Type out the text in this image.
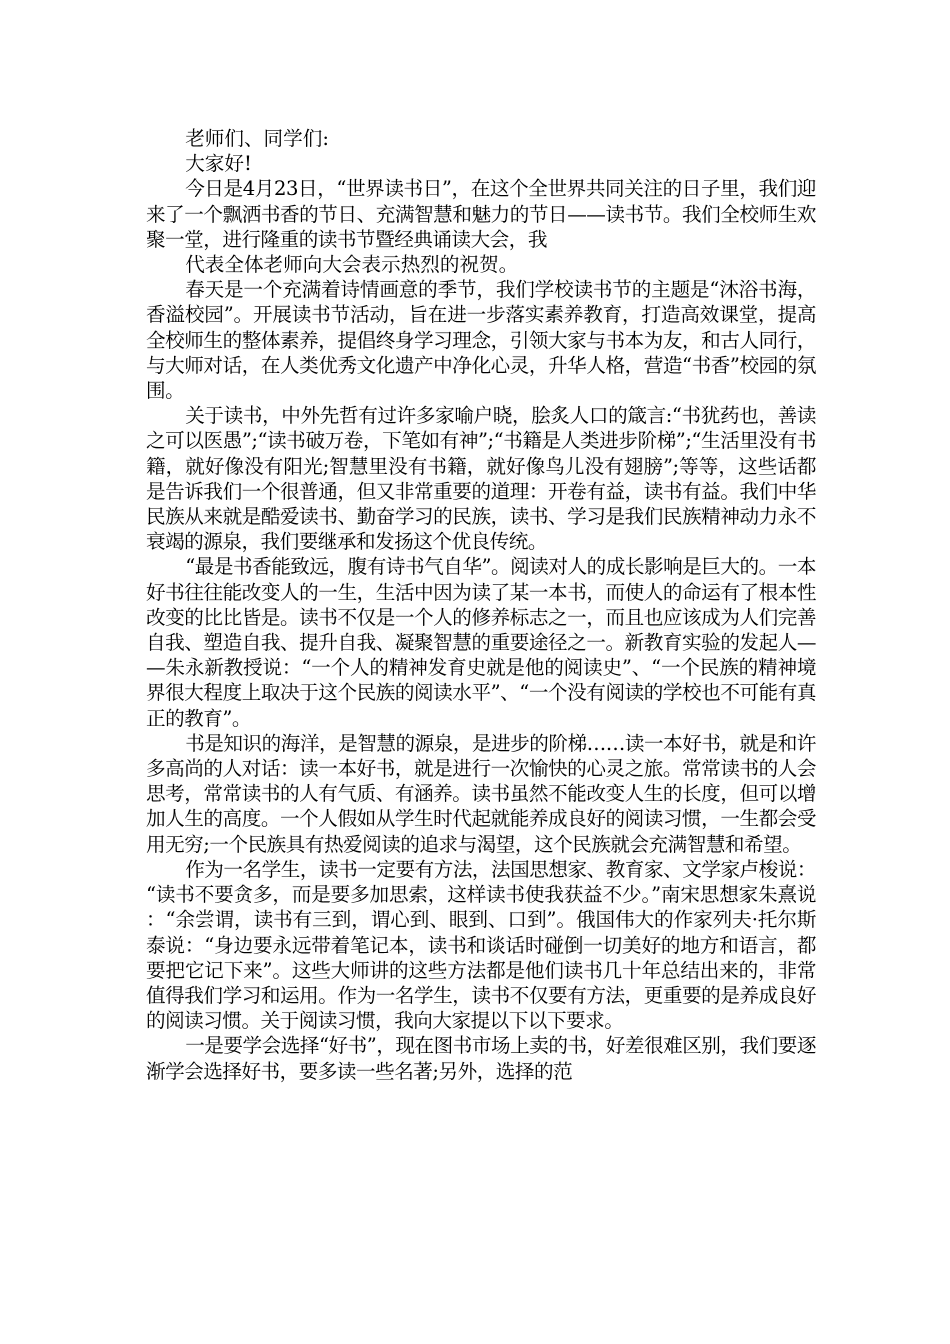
老师们、同学们:

大家好!

今日是4月23日，“世界读书日”，在这个全世界共同关注的日子里，我们迎来了一个飘洒书香的节日、充满智慧和魅力的节日——读书节。我们全校师生欢聚一堂，进行隆重的读书节暨经典诵读大会，我

代表全体老师向大会表示热烈的祝贺。

春天是一个充满着诗情画意的季节，我们学校读书节的主题是“沐浴书海，香溢校园”。开展读书节活动，旨在进一步落实素养教育，打造高效课堂，提高全校师生的整体素养，提倡终身学习理念，引领大家与书本为友，和古人同行，与大师对话，在人类优秀文化遗产中净化心灵，升华人格，营造“书香”校园的氛围。

关于读书，中外先哲有过许多家喻户晓，脍炙人口的箴言:“书犹药也，善读之可以医愚”;“读书破万卷，下笔如有神”;“书籍是人类进步阶梯”;“生活里没有书籍，就好像没有阳光;智慧里没有书籍，就好像鸟儿没有翅膀”;等等，这些话都是告诉我们一个很普通，但又非常重要的道理：开卷有益，读书有益。我们中华民族从来就是酷爱读书、勤奋学习的民族，读书、学习是我们民族精神动力永不衰竭的源泉，我们要继承和发扬这个优良传统。

“最是书香能致远，腹有诗书气自华”。阅读对人的成长影响是巨大的。一本好书往往能改变人的一生，生活中因为读了某一本书，而使人的命运有了根本性改变的比比皆是。读书不仅是一个人的修养标志之一，而且也应该成为人们完善自我、塑造自我、提升自我、凝聚智慧的重要途径之一。新教育实验的发起人——朱永新教授说：“一个人的精神发育史就是他的阅读史”、“一个民族的精神境界很大程度上取决于这个民族的阅读水平”、“一个没有阅读的学校也不可能有真正的教育”。

书是知识的海洋，是智慧的源泉，是进步的阶梯……读一本好书，就是和许多高尚的人对话：读一本好书，就是进行一次愉快的心灵之旅。常常读书的人会思考，常常读书的人有气质、有涵养。读书虽然不能改变人生的长度，但可以增加人生的高度。一个人假如从学生时代起就能养成良好的阅读习惯，一生都会受用无穷;一个民族具有热爱阅读的追求与渴望，这个民族就会充满智慧和希望。

作为一名学生，读书一定要有方法，法国思想家、教育家、文学家卢梭说：“读书不要贪多，而是要多加思索，这样读书使我获益不少。”南宋思想家朱熹说：“余尝谓，读书有三到，谓心到、眼到、口到”。俄国伟大的作家列夫·托尔斯泰说：“身边要永远带着笔记本，读书和谈话时碰倒一切美好的地方和语言，都要把它记下来”。这些大师讲的这些方法都是他们读书几十年总结出来的，非常值得我们学习和运用。作为一名学生，读书不仅要有方法，更重要的是养成良好的阅读习惯。关于阅读习惯，我向大家提以下以下要求。

一是要学会选择“好书”，现在图书市场上卖的书，好差很难区别，我们要逐渐学会选择好书，要多读一些名著;另外，选择的范
